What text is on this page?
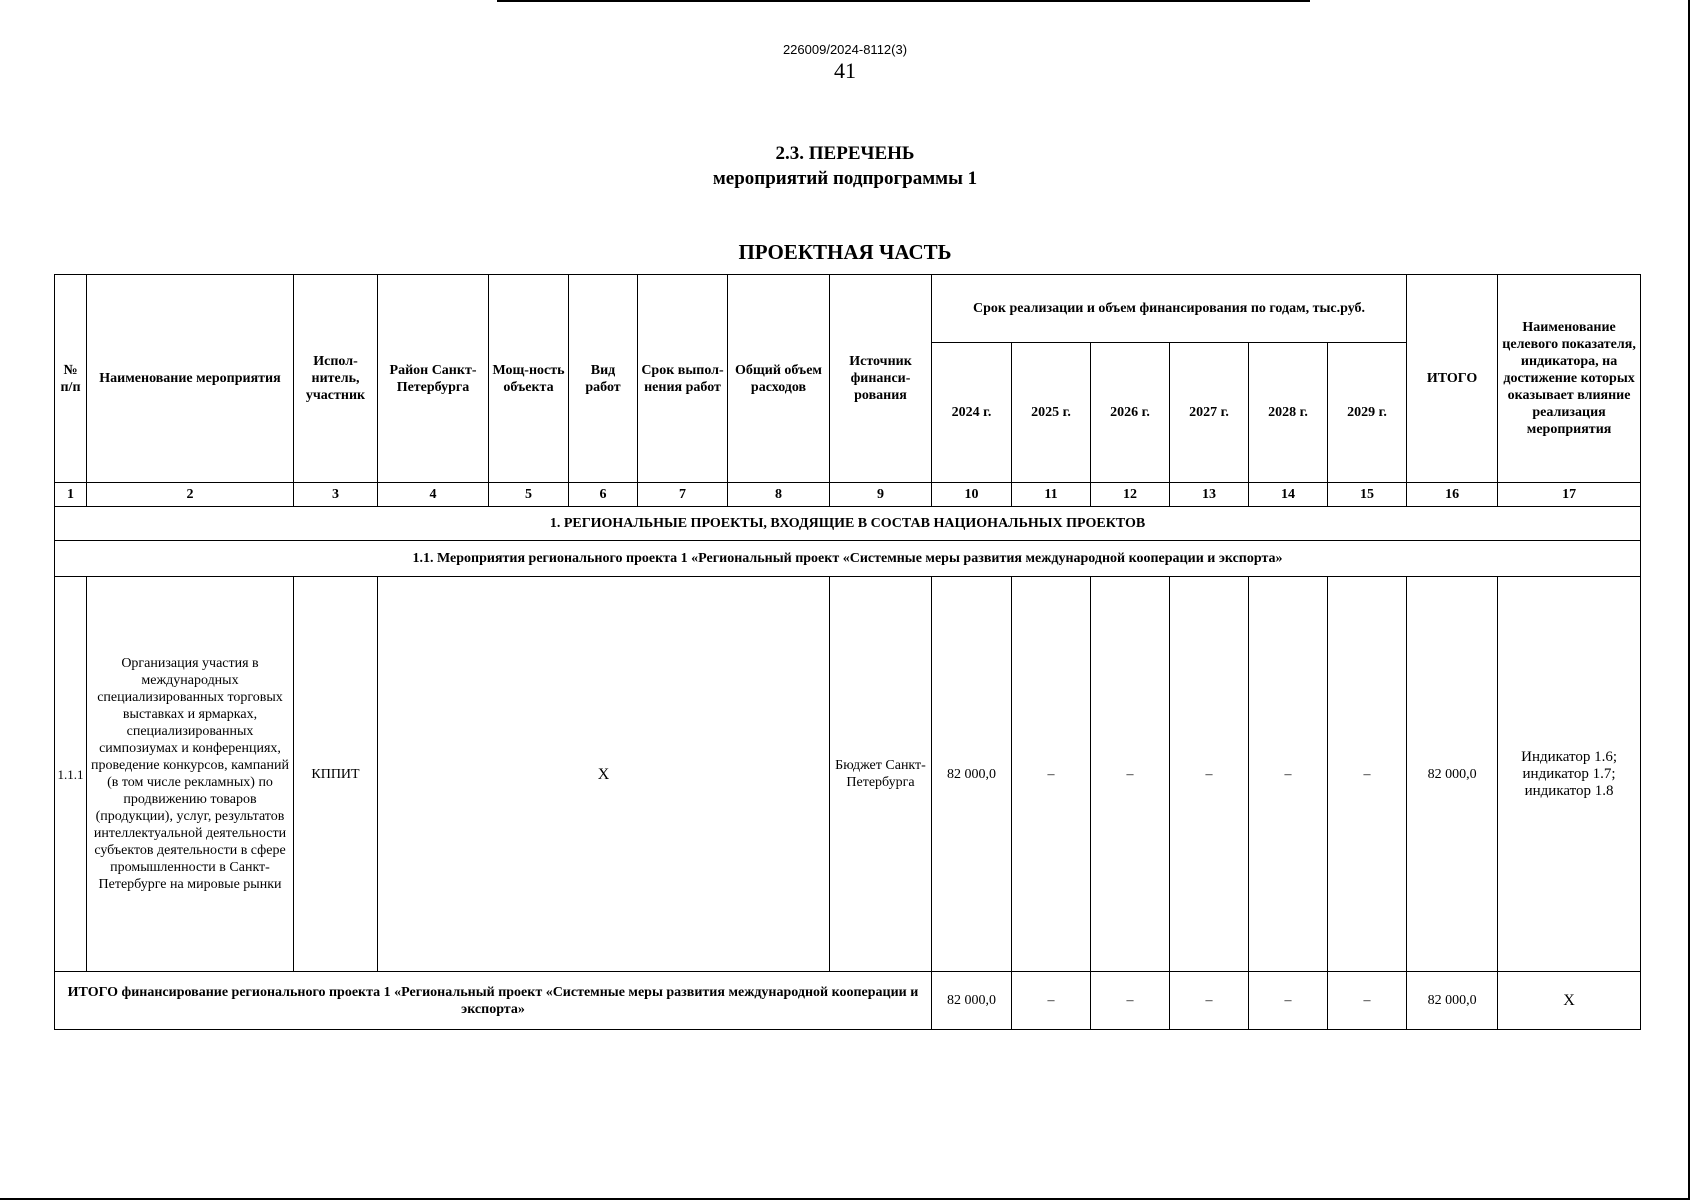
226009/2024-8112(3)
41
2.3. ПЕРЕЧЕНЬ
мероприятий подпрограммы 1
ПРОЕКТНАЯ ЧАСТЬ
№ п/п	Наименование мероприятия	Испол-нитель, участник	Район Санкт-Петербурга	Мощ-ность объекта	Вид работ	Срок выпол-нения работ	Общий объем расходов	Источник финанси-рования	Срок реализации и объем финансирования по годам, тыс.руб.						ИТОГО	Наименование целевого показателя, индикатора, на достижение которых оказывает влияние реализация мероприятия
									2024 г.	2025 г.	2026 г.	2027 г.	2028 г.	2029 г.		
1	2	3	4	5	6	7	8	9	10	11	12	13	14	15	16	17
1. РЕГИОНАЛЬНЫЕ ПРОЕКТЫ, ВХОДЯЩИЕ В СОСТАВ НАЦИОНАЛЬНЫХ ПРОЕКТОВ																
1.1. Мероприятия регионального проекта 1 «Региональный проект «Системные меры развития международной кооперации и экспорта»																
1.1.1	Организация участия в международных специализированных торговых выставках и ярмарках, специализированных симпозиумах и конференциях, проведение конкурсов, кампаний (в том числе рекламных) по продвижению товаров (продукции), услуг, результатов интеллектуальной деятельности субъектов деятельности в сфере промышленности в Санкт-Петербурге на мировые рынки	КППИТ	Х					Бюджет Санкт-Петербурга	82 000,0	–	–	–	–	–	82 000,0	Индикатор 1.6; индикатор 1.7; индикатор 1.8
ИТОГО финансирование регионального проекта 1 «Региональный проект «Системные меры развития международной кооперации и экспорта»									82 000,0	–	–	–	–	–	82 000,0	Х
